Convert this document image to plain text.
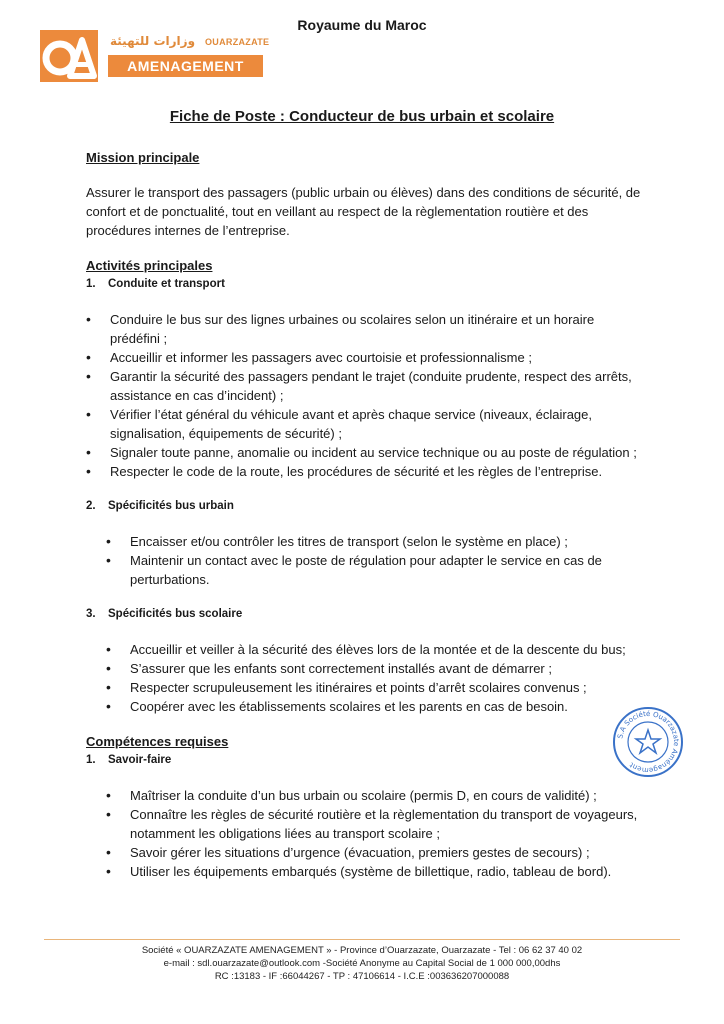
Royaume du Maroc
وزارات للتهيئة OUARZAZATE
AMENAGEMENT
Fiche de Poste : Conducteur de bus urbain et scolaire
Mission principale

Assurer le transport des passagers (public urbain ou élèves) dans des conditions de sécurité, de confort et de ponctualité, tout en veillant au respect de la règlementation routière et des procédures internes de l’entreprise.

Activités principales
1.	Conduite et transport
• Conduire le bus sur des lignes urbaines ou scolaires selon un itinéraire et un horaire prédéfini ;
• Accueillir et informer les passagers avec courtoisie et professionnalisme ;
• Garantir la sécurité des passagers pendant le trajet (conduite prudente, respect des arrêts, assistance en cas d’incident) ;
• Vérifier l’état général du véhicule avant et après chaque service (niveaux, éclairage, signalisation, équipements de sécurité) ;
• Signaler toute panne, anomalie ou incident au service technique ou au poste de régulation ;
• Respecter le code de la route, les procédures de sécurité et les règles de l’entreprise.
2.	Spécificités bus urbain
• Encaisser et/ou contrôler les titres de transport (selon le système en place) ;
• Maintenir un contact avec le poste de régulation pour adapter le service en cas de perturbations.
3.	Spécificités bus scolaire
• Accueillir et veiller à la sécurité des élèves lors de la montée et de la descente du bus;
• S’assurer que les enfants sont correctement installés avant de démarrer ;
• Respecter scrupuleusement les itinéraires et points d’arrêt scolaires convenus ;
• Coopérer avec les établissements scolaires et les parents en cas de besoin.
Compétences requises
1.	Savoir-faire
• Maîtriser la conduite d’un bus urbain ou scolaire (permis D, en cours de validité) ;
• Connaître les règles de sécurité routière et la règlementation du transport de voyageurs, notamment les obligations liées au transport scolaire ;
• Savoir gérer les situations d’urgence (évacuation, premiers gestes de secours) ;
• Utiliser les équipements embarqués (système de billettique, radio, tableau de bord).
S.A Société Ouarzazate Aménagement
Société « OUARZAZATE AMENAGEMENT » - Province d’Ouarzazate, Ouarzazate - Tel : 06 62 37 40 02
e-mail : sdl.ouarzazate@outlook.com -Société Anonyme au Capital Social de 1 000 000,00dhs
RC :13183 - IF :66044267 - TP : 47106614 - I.C.E :003636207000088
